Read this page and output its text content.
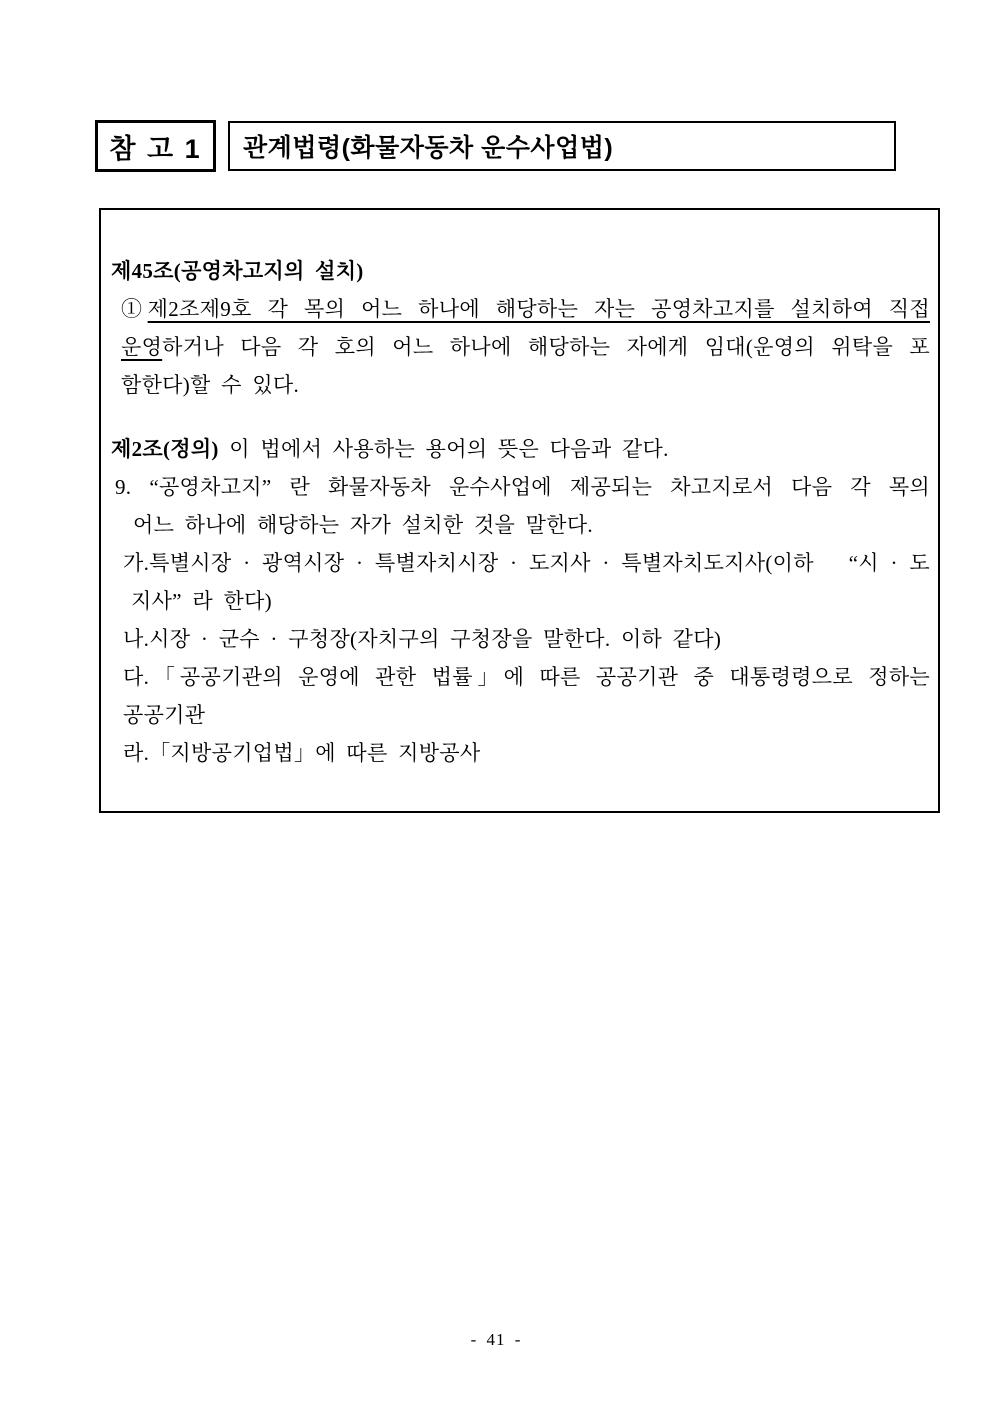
참 고 1 관계법령(화물자동차 운수사업법)
제45조(공영차고지의 설치)
①제2조제9호 각 목의 어느 하나에 해당하는 자는 공영차고지를 설치하여 직접
운영하거나 다음 각 호의 어느 하나에 해당하는 자에게 임대(운영의 위탁을 포
함한다)할 수 있다.
제2조(정의) 이 법에서 사용하는 용어의 뜻은 다음과 같다.
9. “공영차고지” 란 화물자동차 운수사업에 제공되는 차고지로서 다음 각 목의
어느 하나에 해당하는 자가 설치한 것을 말한다.
가.특별시장 · 광역시장 · 특별자치시장 · 도지사 · 특별자치도지사(이하   “시 · 도
지사” 라 한다)
나.시장 · 군수 · 구청장(자치구의 구청장을 말한다. 이하 같다)
다.「공공기관의 운영에 관한 법률」에 따른 공공기관 중 대통령령으로 정하는
공공기관
라.「지방공기업법」에 따른 지방공사
- 41 -
